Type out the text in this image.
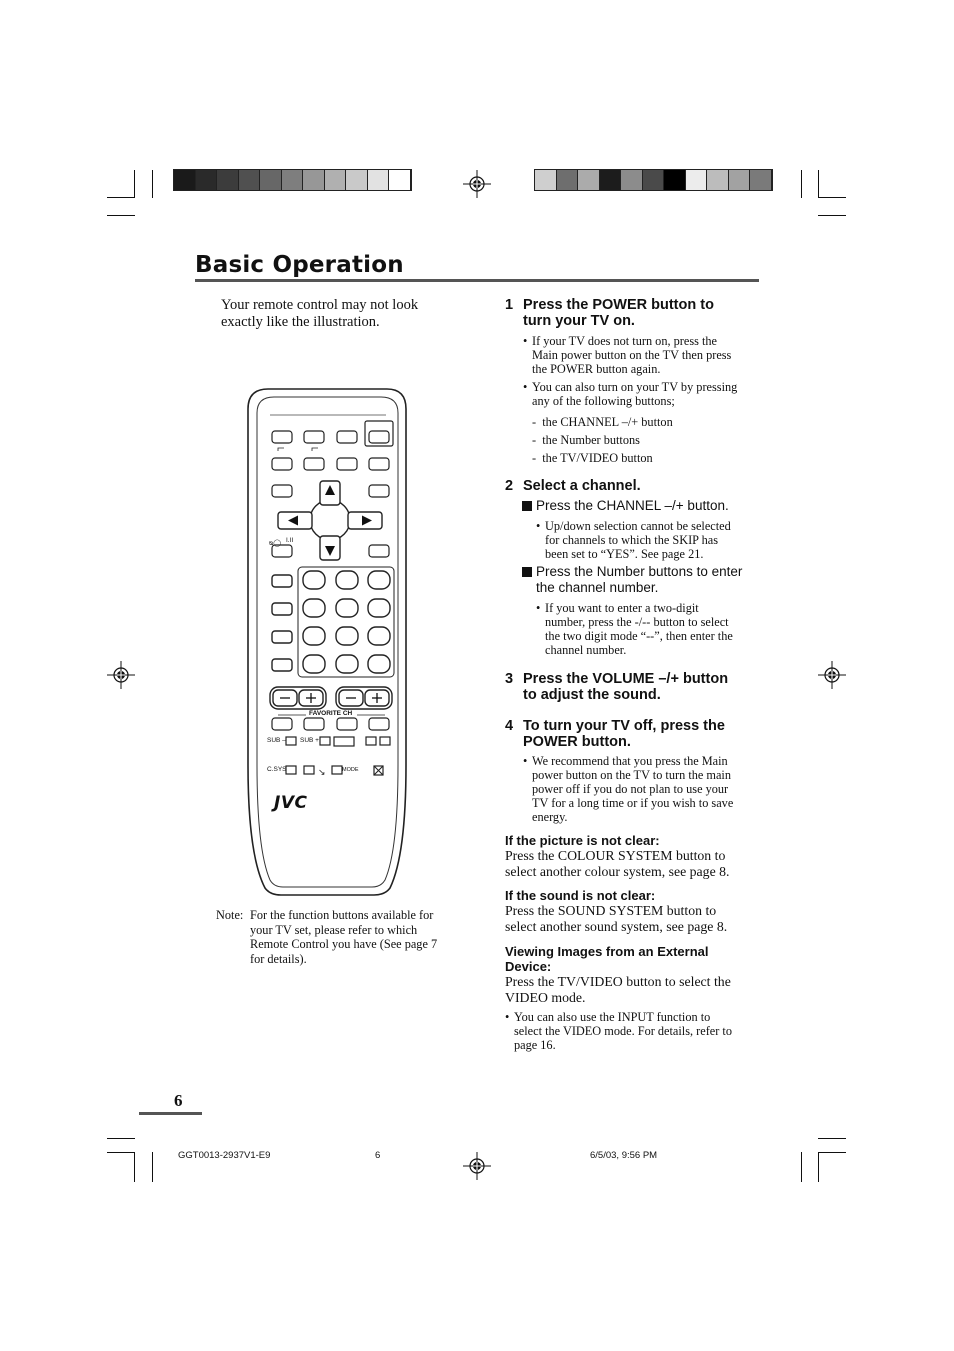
Basic Operation
Your remote control may not look
exactly like the illustration.
ᴓ◯
↘
FAVORITE CH
SUB – SUB +
C.SYS	MODE
I.II
JVC
Note: For the function buttons available for
your TV set, please refer to which
Remote Control you have (See page 7
for details).
1 Press the POWER button to
turn your TV on.
• If your TV does not turn on, press the
Main power button on the TV then press
the POWER button again.
• You can also turn on your TV by pressing
any of the following buttons;
-  the CHANNEL –/+ button
-  the Number buttons
-  the TV/VIDEO button
2 Select a channel.
Press the CHANNEL –/+ button.
• Up/down selection cannot be selected
for channels to which the SKIP has
been set to “YES”. See page 21.
Press the Number buttons to enter
the channel number.
• If you want to enter a two-digit
number, press the -/-- button to select
the two digit mode “--”, then enter the
channel number.
3 Press the VOLUME –/+ button
to adjust the sound.
4 To turn your TV off, press the
POWER button.
• We recommend that you press the Main
power button on the TV to turn the main
power off if you do not plan to use your
TV for a long time or if you wish to save
energy.
If the picture is not clear:
Press the COLOUR SYSTEM button to
select another colour system, see page 8.
If the sound is not clear:
Press the SOUND SYSTEM button to
select another sound system, see page 8.
Viewing Images from an External
Device:
Press the TV/VIDEO button to select the
VIDEO mode.
• You can also use the INPUT function to
select the VIDEO mode. For details, refer to
page 16.
6
GGT0013-2937V1-E9	6	6/5/03, 9:56 PM
